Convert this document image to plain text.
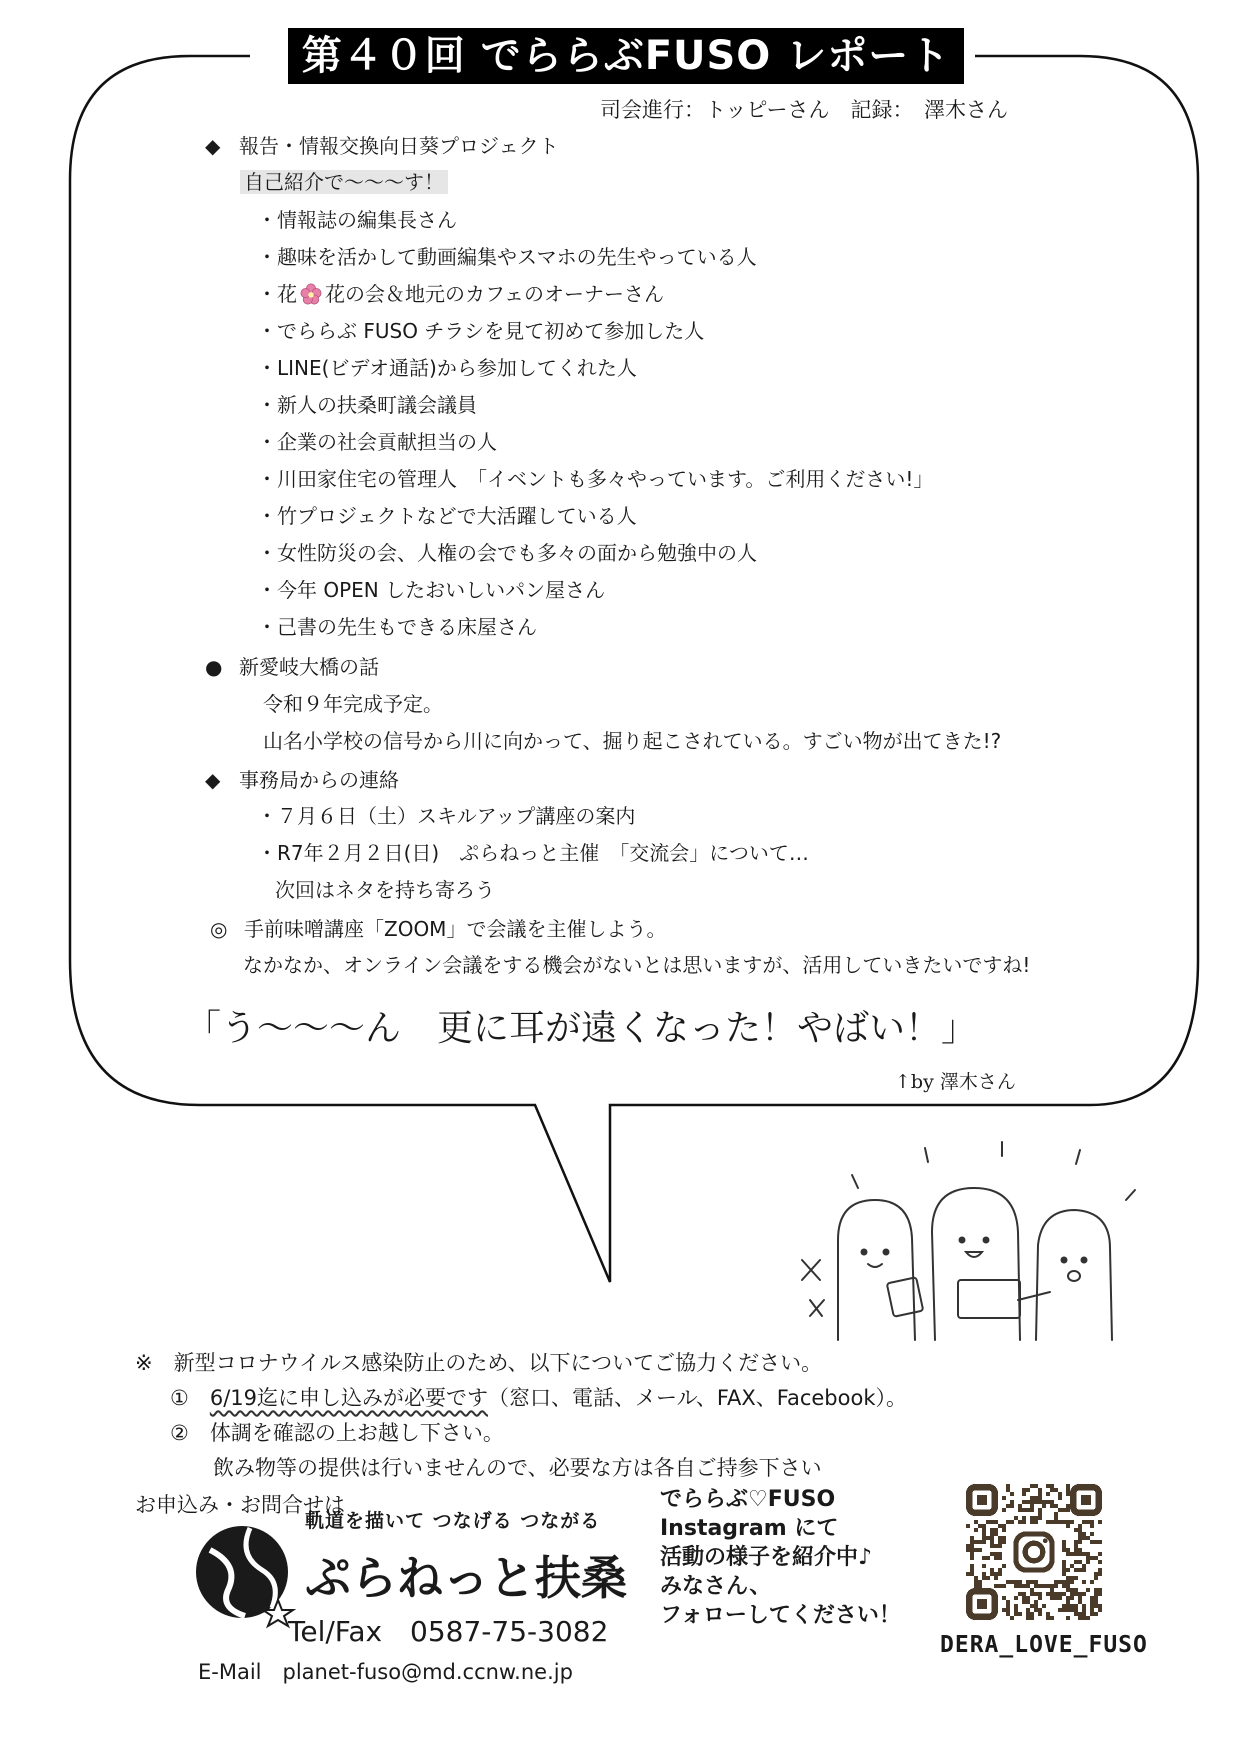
第４０回 でららぶFUSO レポート
司会進行：トッピーさん　記録：　澤木さん
◆ 報告・情報交換向日葵プロジェクト
自己紹介で～～～す！
・情報誌の編集長さん
・趣味を活かして動画編集やスマホの先生やっている人
・花 花の会＆地元のカフェのオーナーさん
・でららぶ FUSO チラシを見て初めて参加した人
・LINE(ビデオ通話)から参加してくれた人
・新人の扶桑町議会議員
・企業の社会貢献担当の人
・川田家住宅の管理人　「イベントも多々やっています。ご利用ください!」
・竹プロジェクトなどで大活躍している人
・女性防災の会、人権の会でも多々の面から勉強中の人
・今年 OPEN したおいしいパン屋さん
・己書の先生もできる床屋さん
● 新愛岐大橋の話
令和９年完成予定。
山名小学校の信号から川に向かって、掘り起こされている。すごい物が出てきた!?
◆ 事務局からの連絡
・７月６日（土）スキルアップ講座の案内
・R7年２月２日(日)　ぷらねっと主催　「交流会」について…
次回はネタを持ち寄ろう
◎ 手前味噌講座「ZOOM」で会議を主催しよう。
なかなか、オンライン会議をする機会がないとは思いますが、活用していきたいですね!
「う～～～ん　更に耳が遠くなった！やばい！」
↑by 澤木さん
※　 新型コロナウイルス感染防止のため、以下についてご協力ください。
①　 6/19迄に申し込みが必要です（窓口、電話、メール、FAX、Facebook）。
②　 体調を確認の上お越し下さい。
飲み物等の提供は行いませんので、必要な方は各自ご持参下さい
お申込み・お問合せは
軌道を描いて つなげる つながる
ぷらねっと扶桑
Tel/Fax　0587-75-3082
E-Mail　planet-fuso@md.ccnw.ne.jp
でららぶ♡FUSO
Instagram にて
活動の様子を紹介中♪
みなさん、
フォローしてください！
DERA_LOVE_FUSO
